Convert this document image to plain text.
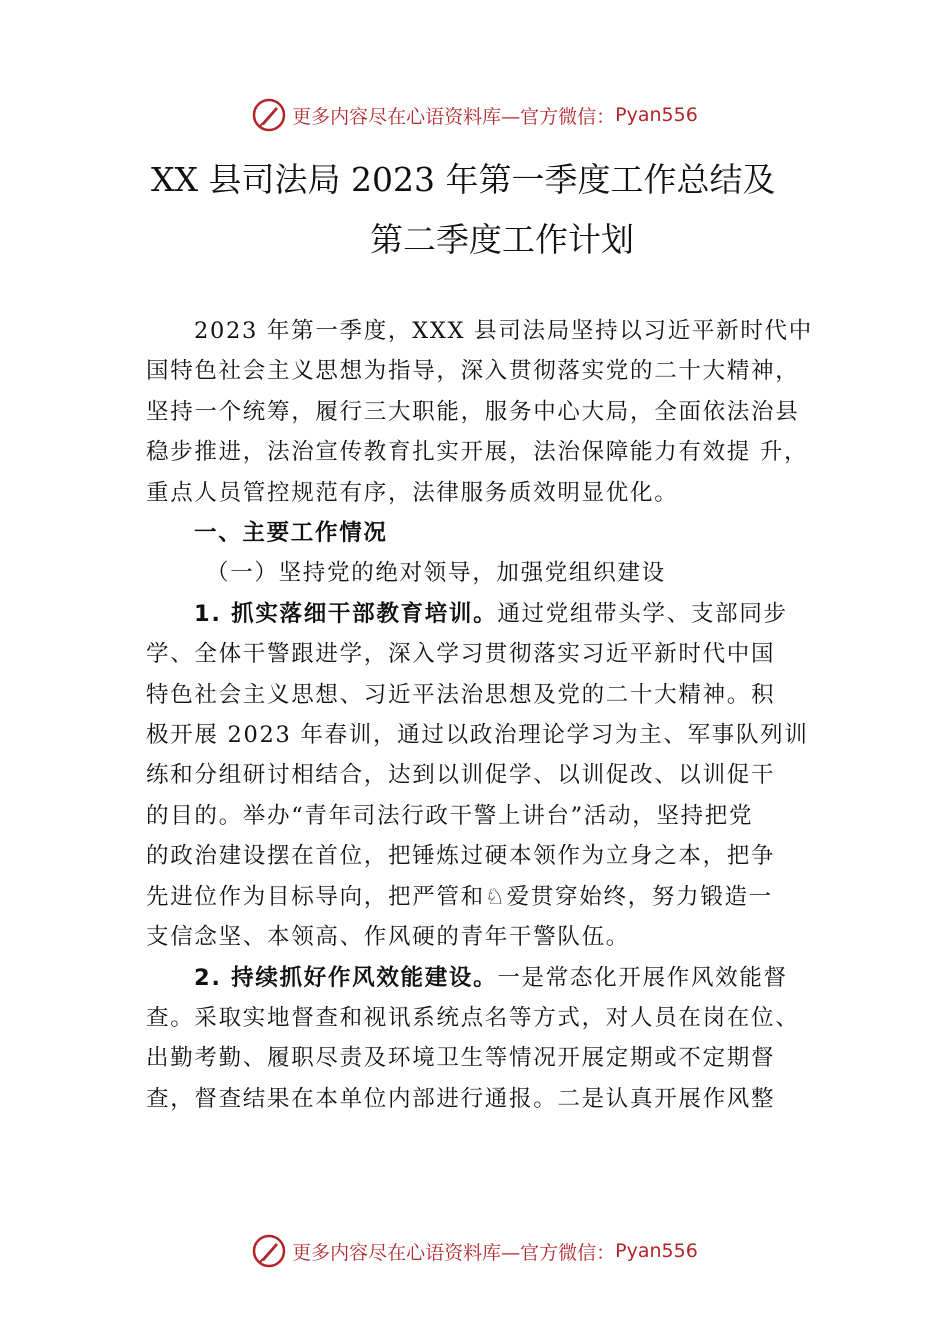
更多内容尽在心语资料库—官方微信： Pyan556
XX 县司法局 2023 年第一季度工作总结及
第二季度工作计划

2023 年第一季度，XXX 县司法局坚持以习近平新时代中
国特色社会主义思想为指导，深入贯彻落实党的二十大精神，
坚持一个统筹，履行三大职能，服务中心大局，全面依法治县
稳步推进，法治宣传教育扎实开展，法治保障能力有效提 升，
重点人员管控规范有序，法律服务质效明显优化。

一、主要工作情况

（一）坚持党的绝对领导，加强党组织建设

1. 抓实落细干部教育培训。通过党组带头学、支部同步
学、全体干警跟进学，深入学习贯彻落实习近平新时代中国
特色社会主义思想、习近平法治思想及党的二十大精神。积
极开展 2023 年春训，通过以政治理论学习为主、军事队列训
练和分组研讨相结合，达到以训促学、以训促改、以训促干
的目的。举办“青年司法行政干警上讲台”活动，坚持把党
的政治建设摆在首位，把锤炼过硬本领作为立身之本，把争
先进位作为目标导向，把严管和♘爱贯穿始终，努力锻造一
支信念坚、本领高、作风硬的青年干警队伍。

2. 持续抓好作风效能建设。一是常态化开展作风效能督
查。采取实地督查和视讯系统点名等方式，对人员在岗在位、
出勤考勤、履职尽责及环境卫生等情况开展定期或不定期督
查，督查结果在本单位内部进行通报。二是认真开展作风整

更多内容尽在心语资料库—官方微信： Pyan556
